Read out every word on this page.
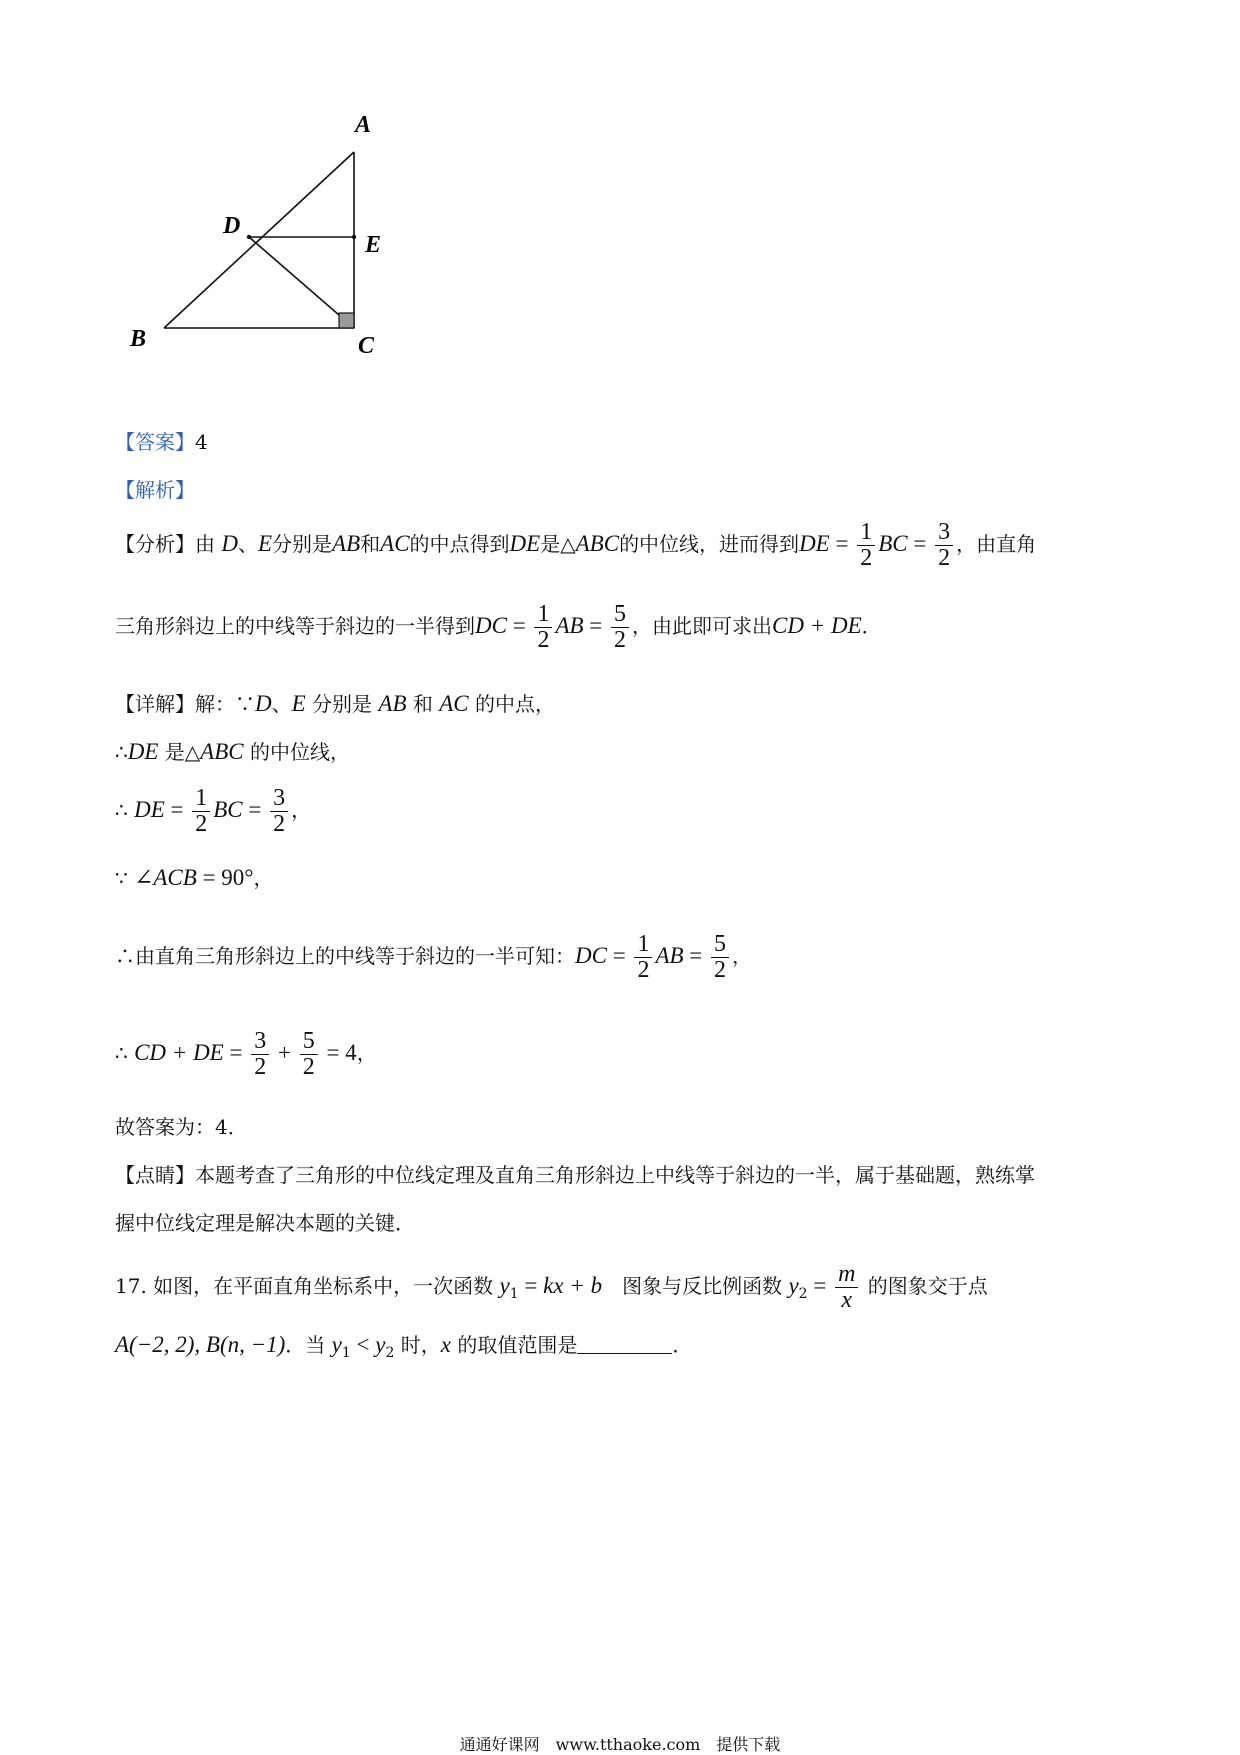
A
B	C
D
E
【答案】4
【解析】
【分析】由 D、E分别是AB和AC的中点得到DE是△ABC的中位线，进而得到DE = $\frac{1}{2}$ BC = $\frac{3}{2}$ ，由直角
三角形斜边上的中线等于斜边的一半得到DC = $\frac{1}{2}$ AB = $\frac{5}{2}$ ，由此即可求出CD + DE．
【详解】解：∵D、E 分别是 AB 和 AC 的中点，
∴DE 是△ABC 的中位线，
∴ DE = $\frac{1}{2}$ BC = $\frac{3}{2}$ ，
∵ ∠ACB = 90°，
∴由直角三角形斜边上的中线等于斜边的一半可知：DC = $\frac{1}{2}$ AB = $\frac{5}{2}$ ，
∴ CD + DE = $\frac{3}{2} + \frac{5}{2} = 4$，
故答案为：4．
【点睛】本题考查了三角形的中位线定理及直角三角形斜边上中线等于斜边的一半，属于基础题，熟练掌
握中位线定理是解决本题的关键．
17. 如图，在平面直角坐标系中，一次函数 $y_1$ = kx + b　图象与反比例函数 $y_2 = \frac{m}{x}$ 的图象交于点
A(−2, 2), B(n, −1)．当 $y_1 < y_2$ 时，x 的取值范围是	．
通通好课网　www.tthaoke.com　提供下载
